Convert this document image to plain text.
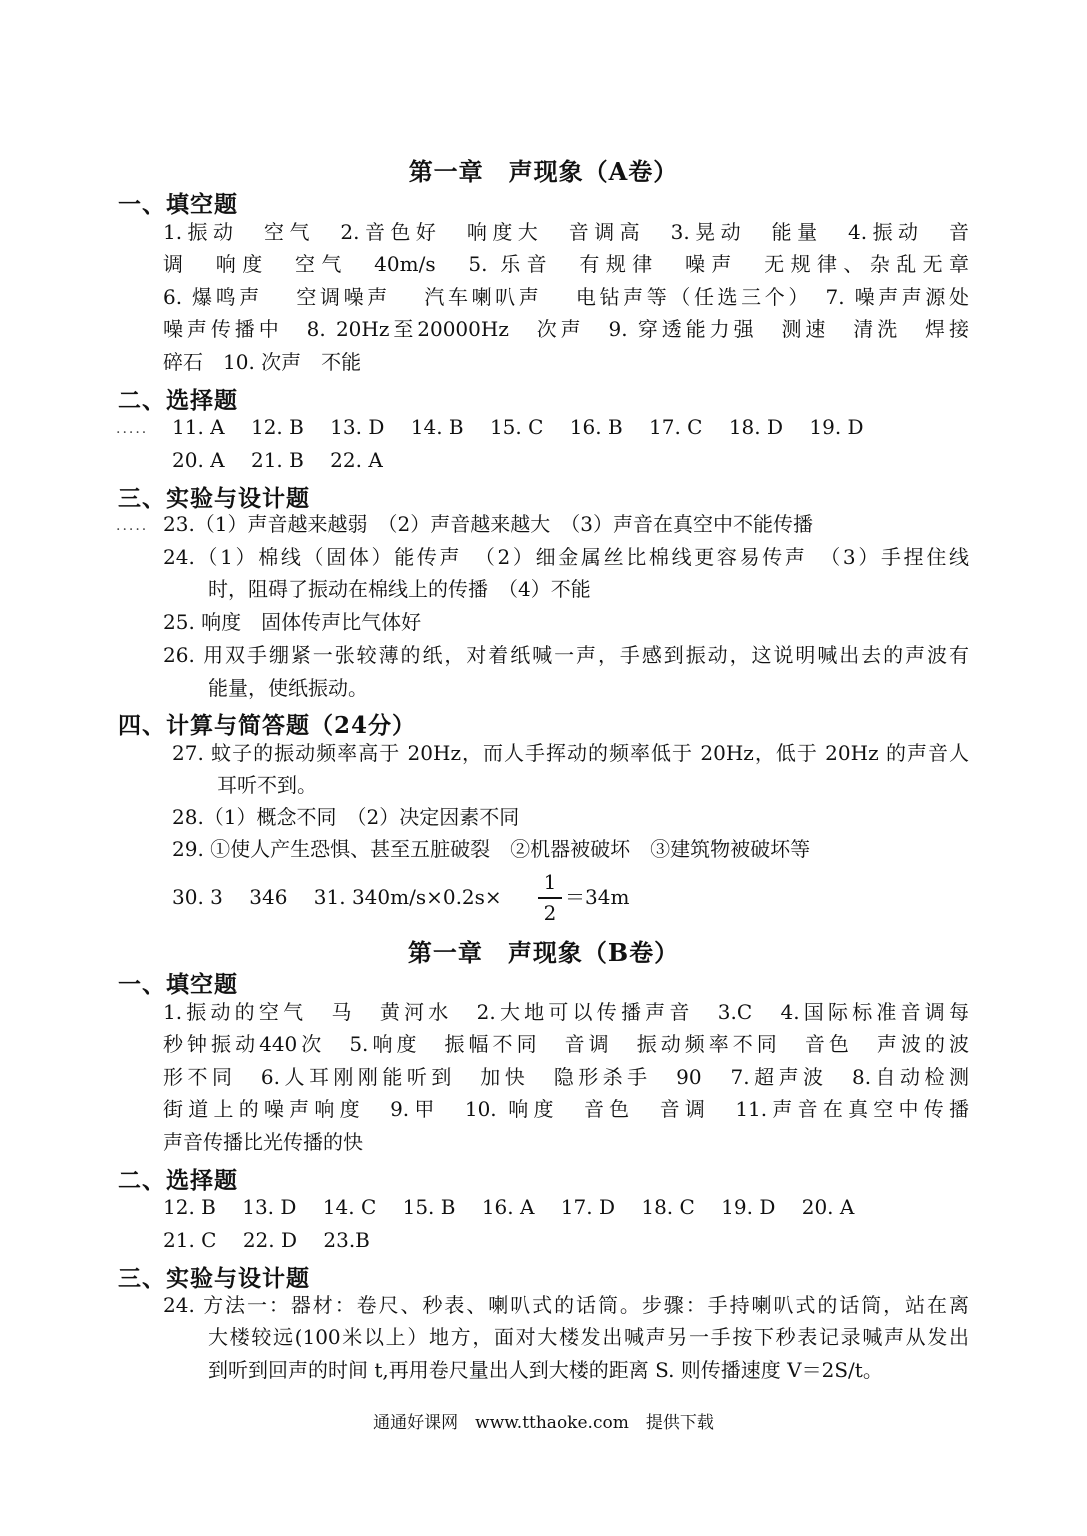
第一章　声现象（A卷）
一、填空题
1.振动　空气　2.音色好　响度大　音调高　3.晃动　能量　4.振动　音
调　响度　空气　40m/s　5. 乐音　有规律　噪声　无规律、杂乱无章
6. 爆鸣声　 空调噪声　 汽车喇叭声　 电钻声等（任选三个）　7. 噪声声源处
噪声传播中　8. 20Hz至20000Hz　次声　9. 穿透能力强　测速　清洗　焊接
碎石　10. 次声　不能
二、选择题
..... 11. A　 12. B　 13. D　 14. B　 15. C　 16. B　 17. C　 18. D　 19. D
20. A　 21. B　 22. A
三、实验与设计题
..... 23.（1）声音越来越弱　（2）声音越来越大　（3）声音在真空中不能传播
24.（1）棉线（固体）能传声　（2）细金属丝比棉线更容易传声　（3）手捏住线
时，阻碍了振动在棉线上的传播　（4）不能
25. 响度　固体传声比气体好
26. 用双手绷紧一张较薄的纸，对着纸喊一声，手感到振动，这说明喊出去的声波有
能量，使纸振动。
四、计算与简答题（24分）
27. 蚊子的振动频率高于 20Hz，而人手挥动的频率低于 20Hz，低于 20Hz 的声音人
耳听不到。
28.（1）概念不同　（2）决定因素不同
29. ①使人产生恐惧、甚至五脏破裂　②机器被破坏　③建筑物被破坏等
30. 3　 346　 31. 340m/s×0.2s×
1
2
＝34m
第一章　声现象（B卷）
一、填空题
1.振动的空气　马　黄河水　2.大地可以传播声音　3.C　4.国际标准音调每
秒钟振动440次　5.响度　振幅不同　音调　振动频率不同　音色　声波的波
形不同　6.人耳刚刚能听到　加快　隐形杀手　90　7.超声波　8.自动检测
街道上的噪声响度　9.甲　10. 响度　音色　音调　11.声音在真空中传播
声音传播比光传播的快
二、选择题
12. B　 13. D　 14. C　 15. B　 16. A　 17. D　 18. C　 19. D　 20. A
21. C　 22. D　 23.B
三、实验与设计题
24. 方法一：器材：卷尺、秒表、喇叭式的话筒。步骤：手持喇叭式的话筒，站在离
大楼较远(100米以上）地方，面对大楼发出喊声另一手按下秒表记录喊声从发出
到听到回声的时间 t,再用卷尺量出人到大楼的距离 S. 则传播速度 V＝2S/t。
通通好课网　www.tthaoke.com　提供下载
